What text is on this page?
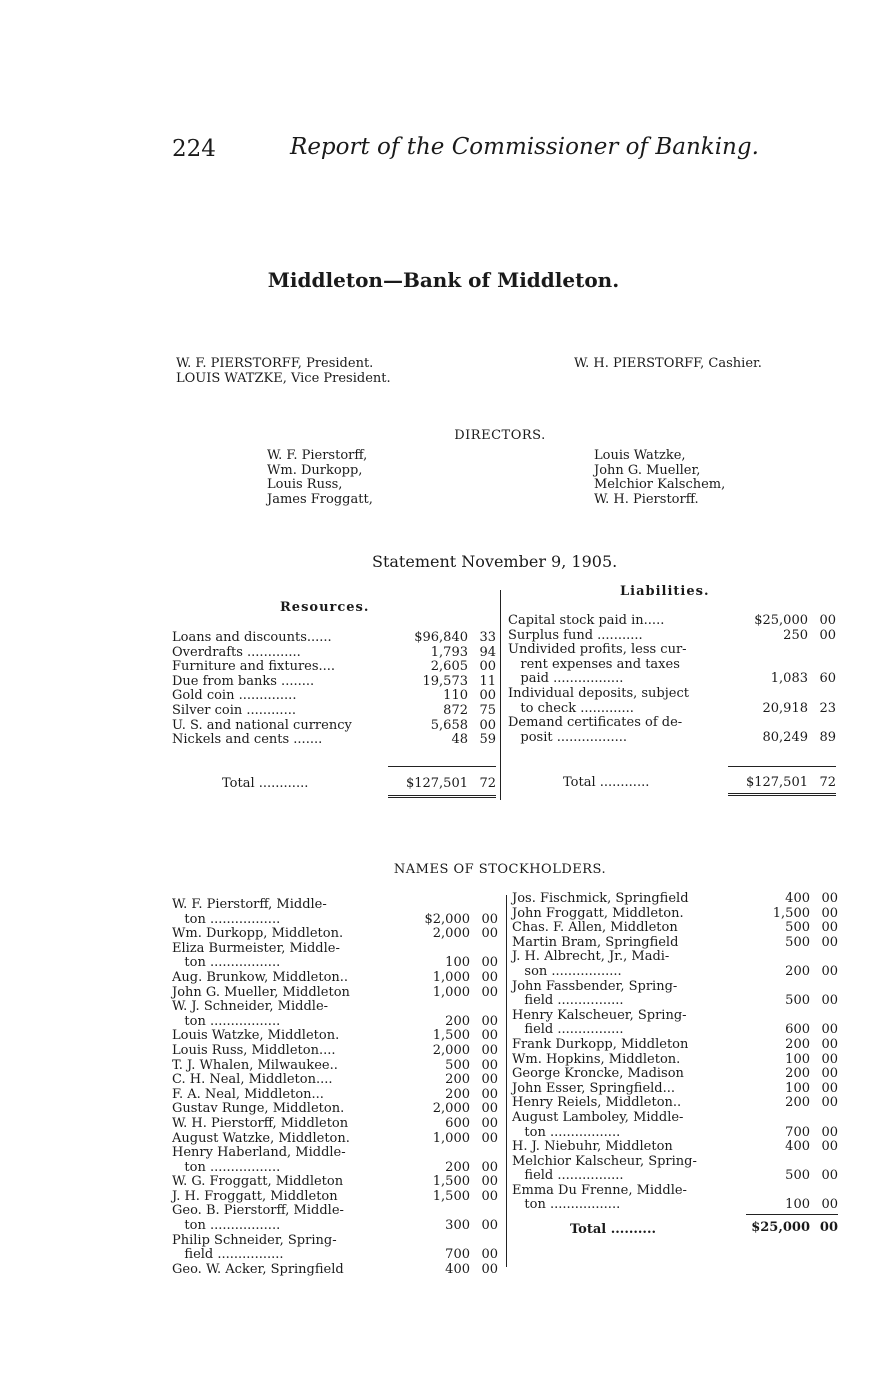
224	Report of the Commissioner of Banking.
Middleton—Bank of Middleton.
W. F. PIERSTORFF, President.
LOUIS WATZKE, Vice President.
W. H. PIERSTORFF, Cashier.
DIRECTORS.
W. F. Pierstorff,
Wm. Durkopp,
Louis Russ,
James Froggatt,
Louis Watzke,
John G. Mueller,
Melchior Kalschem,
W. H. Pierstorff.
Statement November 9, 1905.
Resources.
Liabilities.
Loans and discounts......	$96,840 33
Overdrafts .............	1,793 94
Furniture and fixtures....	2,605 00
Due from banks ........	19,573 11
Gold coin ..............	110 00
Silver coin ............	872 75
U. S. and national currency	5,658 00
Nickels and cents .......	48 59
Capital stock paid in.....	$25,000 00
Surplus fund ...........	250 00
Undivided profits, less cur-
rent expenses and taxes
paid .................	1,083 60
Individual deposits, subject
to check .............	20,918 23
Demand certificates of de-
posit .................	80,249 89
Total ............	$127,501 72	Total ............	$127,501 72
NAMES OF STOCKHOLDERS.
W. F. Pierstorff, Middle-
ton .................	$2,000 00
Wm. Durkopp, Middleton.	2,000 00
Eliza Burmeister, Middle-
ton .................	100 00
Aug. Brunkow, Middleton..	1,000 00
John G. Mueller, Middleton	1,000 00
W. J. Schneider, Middle-
ton .................	200 00
Louis Watzke, Middleton.	1,500 00
Louis Russ, Middleton....	2,000 00
T. J. Whalen, Milwaukee..	500 00
C. H. Neal, Middleton....	200 00
F. A. Neal, Middleton...	200 00
Gustav Runge, Middleton.	2,000 00
W. H. Pierstorff, Middleton	600 00
August Watzke, Middleton.	1,000 00
Henry Haberland, Middle-
ton .................	200 00
W. G. Froggatt, Middleton	1,500 00
J. H. Froggatt, Middleton	1,500 00
Geo. B. Pierstorff, Middle-
ton .................	300 00
Philip Schneider, Spring-
field ................	700 00
Geo. W. Acker, Springfield	400 00
Jos. Fischmick, Springfield	400 00
John Froggatt, Middleton.	1,500 00
Chas. F. Allen, Middleton	500 00
Martin Bram, Springfield	500 00
J. H. Albrecht, Jr., Madi-
son .................	200 00
John Fassbender, Spring-
field ................	500 00
Henry Kalscheuer, Spring-
field ................	600 00
Frank Durkopp, Middleton	200 00
Wm. Hopkins, Middleton.	100 00
George Kroncke, Madison	200 00
John Esser, Springfield...	100 00
Henry Reiels, Middleton..	200 00
August Lamboley, Middle-
ton .................	700 00
H. J. Niebuhr, Middleton	400 00
Melchior Kalscheur, Spring-
field ................	500 00
Emma Du Frenne, Middle-
ton .................	100 00
Total ..........	$25,000 00
